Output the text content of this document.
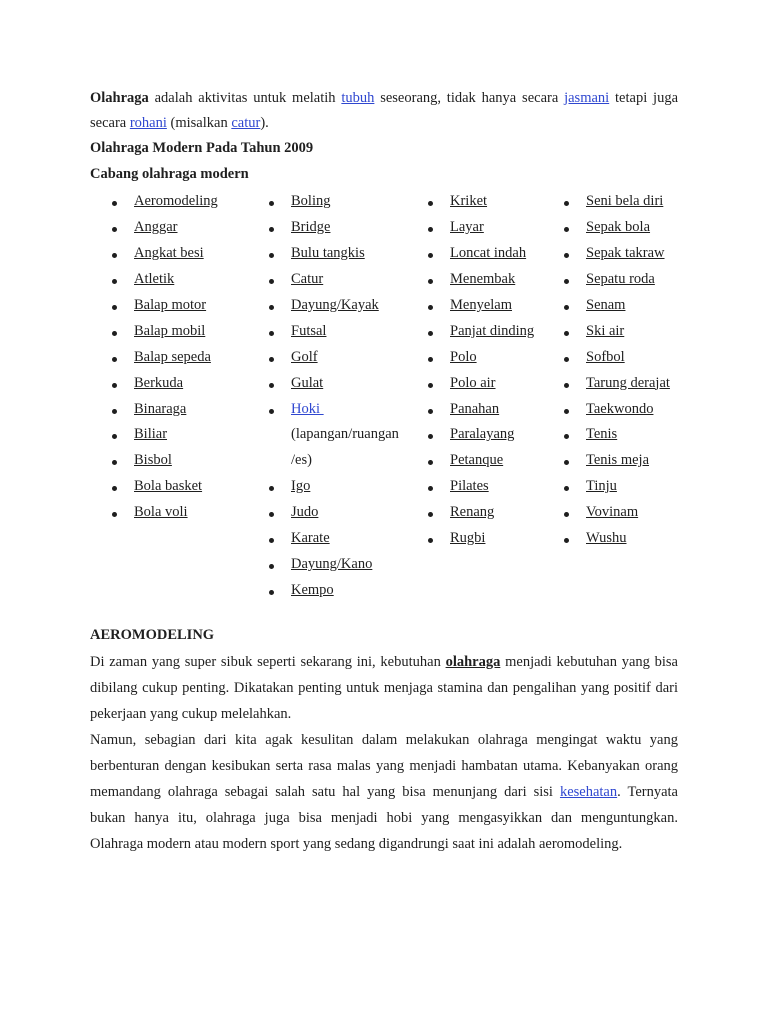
Olahraga adalah aktivitas untuk melatih tubuh seseorang, tidak hanya secara jasmani tetapi juga
secara rohani (misalkan catur).
Olahraga Modern Pada Tahun 2009
Cabang olahraga modern
Aeromodeling
Anggar
Angkat besi
Atletik
Balap motor
Balap mobil
Balap sepeda
Berkuda
Binaraga
Biliar
Bisbol
Bola basket
Bola voli
Boling
Bridge
Bulu tangkis
Catur
Dayung/Kayak
Futsal
Golf
Gulat
Hoki
(lapangan/ruangan
/es)
Igo
Judo
Karate
Dayung/Kano
Kempo
Kriket
Layar
Loncat indah
Menembak
Menyelam
Panjat dinding
Polo
Polo air
Panahan
Paralayang
Petanque
Pilates
Renang
Rugbi
Seni bela diri
Sepak bola
Sepak takraw
Sepatu roda
Senam
Ski air
Sofbol
Tarung derajat
Taekwondo
Tenis
Tenis meja
Tinju
Vovinam
Wushu
AEROMODELING
Di zaman yang super sibuk seperti sekarang ini, kebutuhan olahraga menjadi kebutuhan yang bisa
dibilang cukup penting. Dikatakan penting untuk menjaga stamina dan pengalihan yang positif dari
pekerjaan yang cukup melelahkan.
Namun, sebagian dari kita agak kesulitan dalam melakukan olahraga mengingat waktu yang
berbenturan dengan kesibukan serta rasa malas yang menjadi hambatan utama. Kebanyakan orang
memandang olahraga sebagai salah satu hal yang bisa menunjang dari sisi kesehatan. Ternyata
bukan hanya itu, olahraga juga bisa menjadi hobi yang mengasyikkan dan menguntungkan.
Olahraga modern atau modern sport yang sedang digandrungi saat ini adalah aeromodeling.
